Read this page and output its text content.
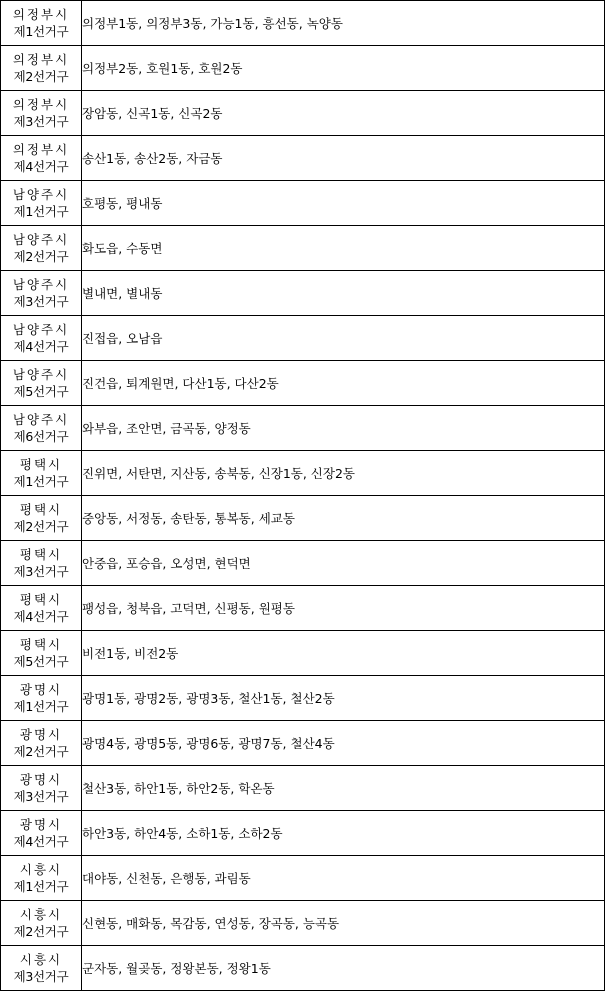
의정부시
제1선거구	의정부1동, 의정부3동, 가능1동, 흥선동, 녹양동

의정부시
제2선거구	의정부2동, 호원1동, 호원2동

의정부시
제3선거구	장암동, 신곡1동, 신곡2동

의정부시
제4선거구	송산1동, 송산2동, 자금동

남양주시
제1선거구	호평동, 평내동

남양주시
제2선거구	화도읍, 수동면

남양주시
제3선거구	별내면, 별내동

남양주시
제4선거구	진접읍, 오남읍

남양주시
제5선거구	진건읍, 퇴계원면, 다산1동, 다산2동

남양주시
제6선거구	와부읍, 조안면, 금곡동, 양정동

평택시
제1선거구	진위면, 서탄면, 지산동, 송북동, 신장1동, 신장2동

평택시
제2선거구	중앙동, 서정동, 송탄동, 통복동, 세교동

평택시
제3선거구	안중읍, 포승읍, 오성면, 현덕면

평택시
제4선거구	팽성읍, 청북읍, 고덕면, 신평동, 원평동

평택시
제5선거구	비전1동, 비전2동

광명시
제1선거구	광명1동, 광명2동, 광명3동, 철산1동, 철산2동

광명시
제2선거구	광명4동, 광명5동, 광명6동, 광명7동, 철산4동

광명시
제3선거구	철산3동, 하안1동, 하안2동, 학온동

광명시
제4선거구	하안3동, 하안4동, 소하1동, 소하2동

시흥시
제1선거구	대야동, 신천동, 은행동, 과림동

시흥시
제2선거구	신현동, 매화동, 목감동, 연성동, 장곡동, 능곡동

시흥시
제3선거구	군자동, 월곶동, 정왕본동, 정왕1동
